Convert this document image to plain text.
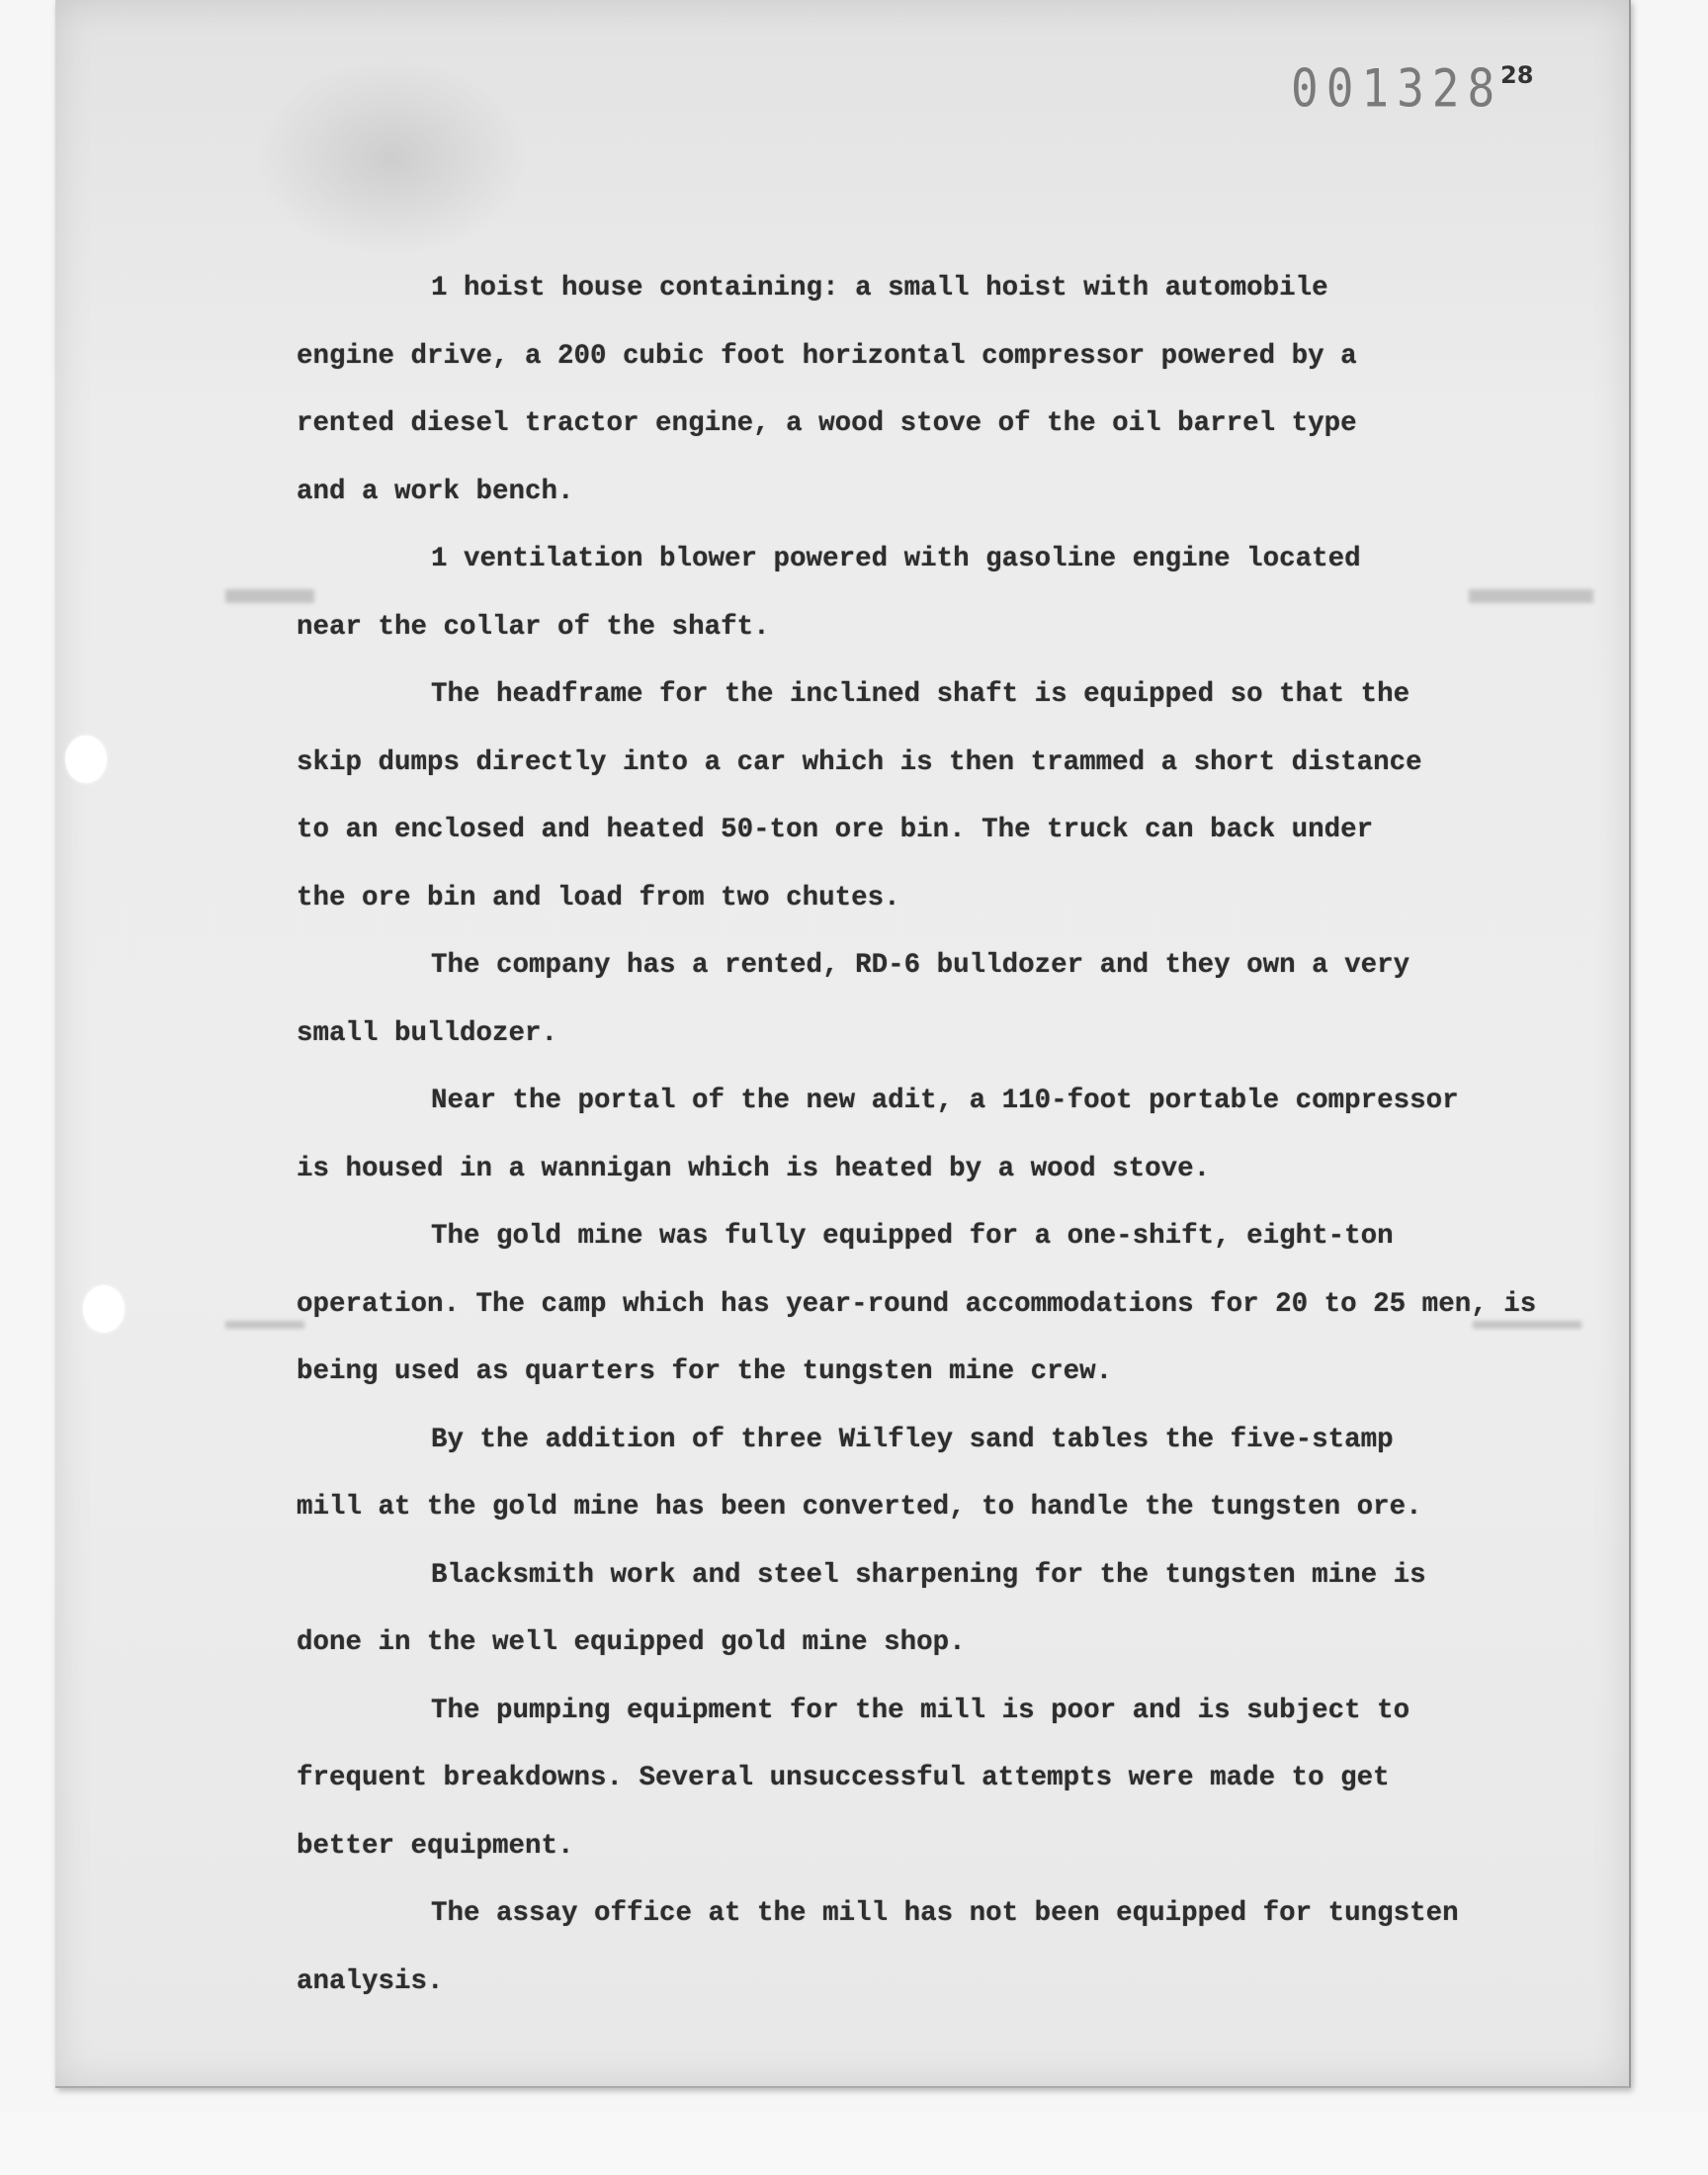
001328
28

1 hoist house containing: a small hoist with automobile
engine drive, a 200 cubic foot horizontal compressor powered by a
rented diesel tractor engine, a wood stove of the oil barrel type
and a work bench.

1 ventilation blower powered with gasoline engine located
near the collar of the shaft.

The headframe for the inclined shaft is equipped so that the
skip dumps directly into a car which is then trammed a short distance
to an enclosed and heated 50-ton ore bin. The truck can back under
the ore bin and load from two chutes.

The company has a rented, RD-6 bulldozer and they own a very
small bulldozer.

Near the portal of the new adit, a 110-foot portable compressor
is housed in a wannigan which is heated by a wood stove.

The gold mine was fully equipped for a one-shift, eight-ton
operation. The camp which has year-round accommodations for 20 to 25 men, is
being used as quarters for the tungsten mine crew.

By the addition of three Wilfley sand tables the five-stamp
mill at the gold mine has been converted, to handle the tungsten ore.

Blacksmith work and steel sharpening for the tungsten mine is
done in the well equipped gold mine shop.

The pumping equipment for the mill is poor and is subject to
frequent breakdowns. Several unsuccessful attempts were made to get
better equipment.

The assay office at the mill has not been equipped for tungsten
analysis.
